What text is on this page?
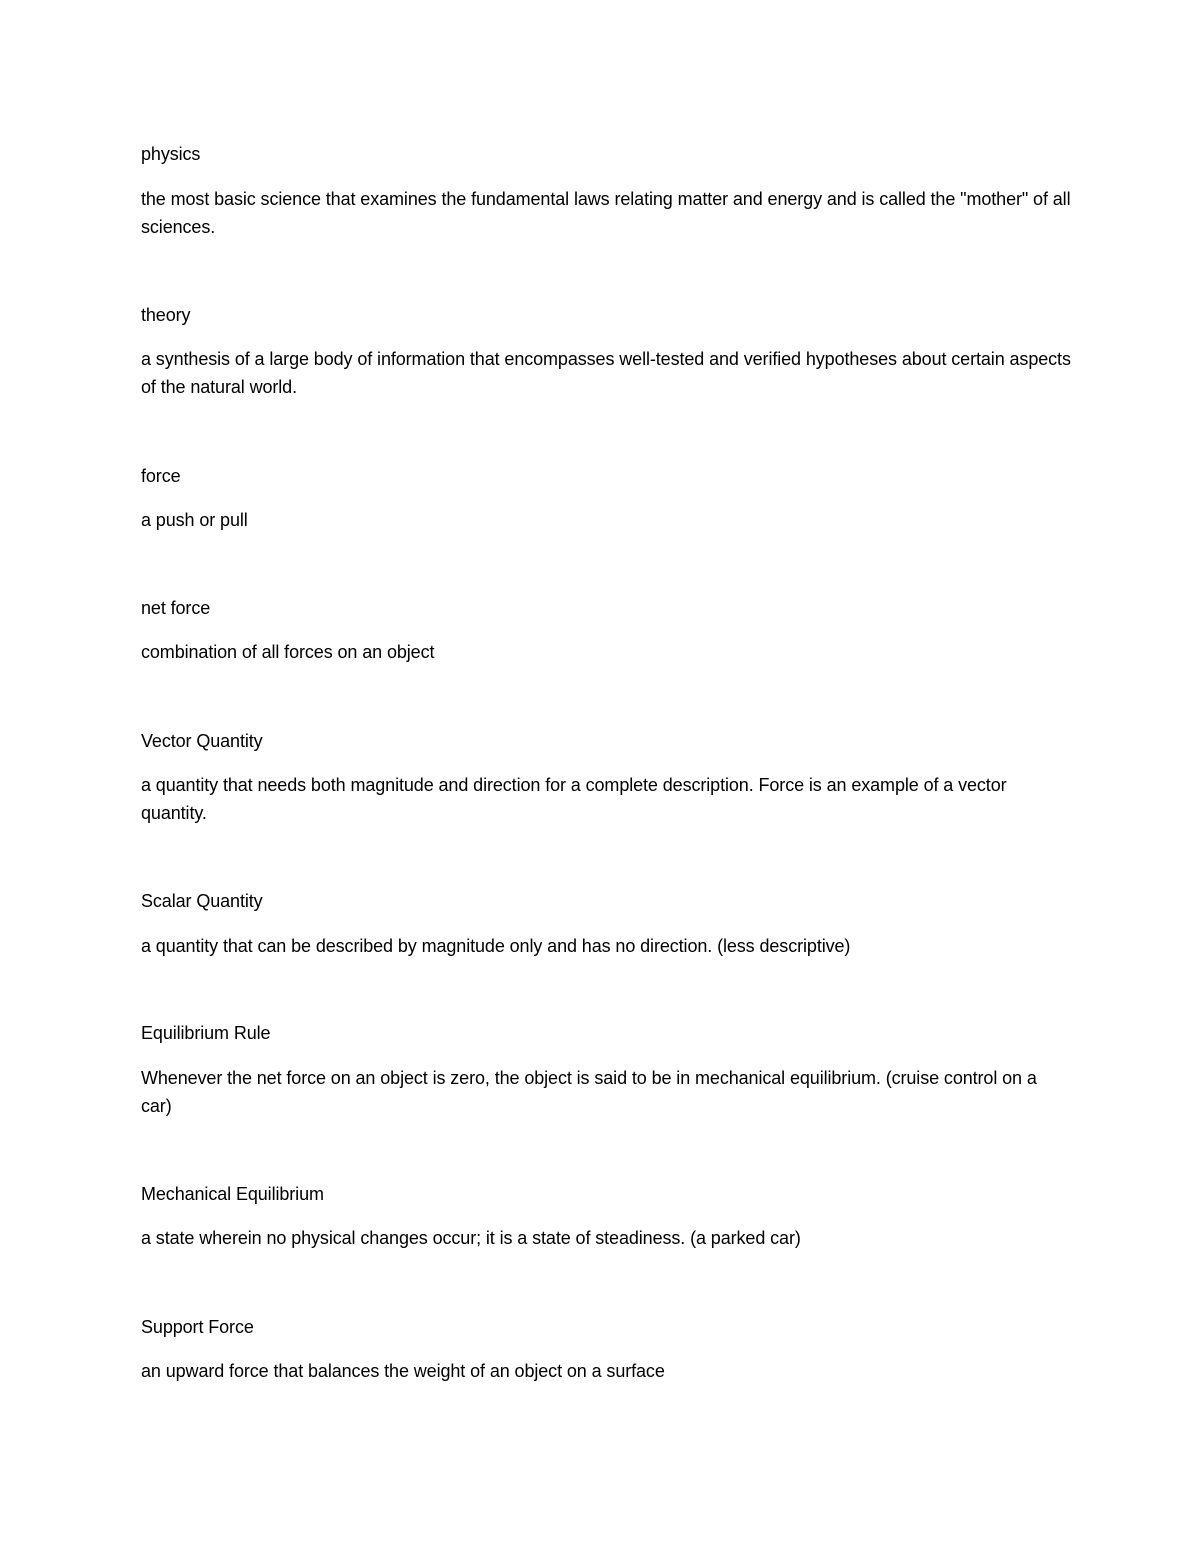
physics

the most basic science that examines the fundamental laws relating matter and energy and is called the "mother" of all sciences.

theory

a synthesis of a large body of information that encompasses well-tested and verified hypotheses about certain aspects of the natural world.

force

a push or pull

net force

combination of all forces on an object

Vector Quantity

a quantity that needs both magnitude and direction for a complete description. Force is an example of a vector quantity.

Scalar Quantity

a quantity that can be described by magnitude only and has no direction. (less descriptive)

Equilibrium Rule

Whenever the net force on an object is zero, the object is said to be in mechanical equilibrium. (cruise control on a car)

Mechanical Equilibrium

a state wherein no physical changes occur; it is a state of steadiness. (a parked car)

Support Force

an upward force that balances the weight of an object on a surface
